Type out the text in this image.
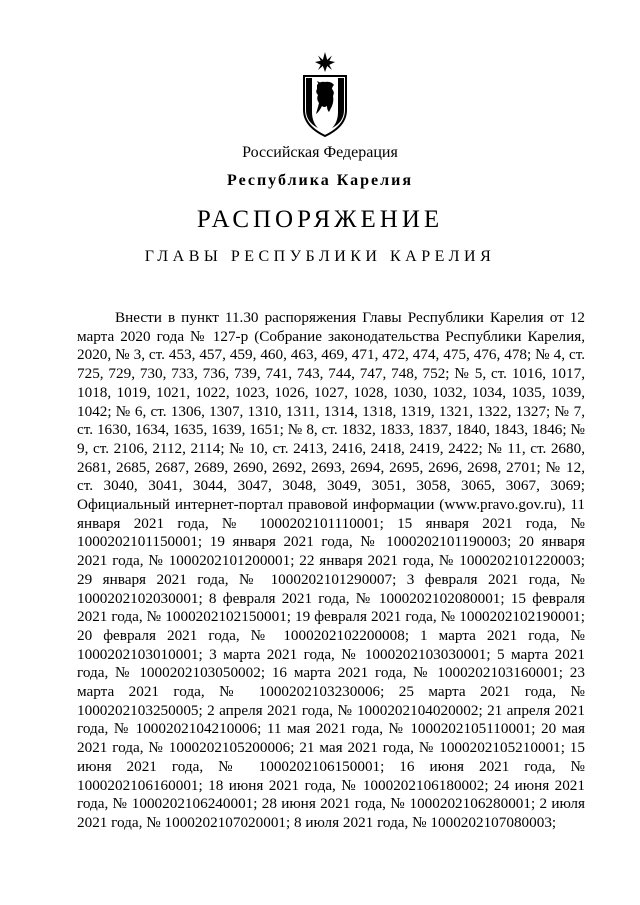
Российская Федерация
Республика Карелия
РАСПОРЯЖЕНИЕ
ГЛАВЫ РЕСПУБЛИКИ КАРЕЛИЯ

Внести в пункт 11.30 распоряжения Главы Республики Карелия от 12 марта 2020 года № 127-р (Собрание законодательства Республики Карелия, 2020, № 3, ст. 453, 457, 459, 460, 463, 469, 471, 472, 474, 475, 476, 478; № 4, ст. 725, 729, 730, 733, 736, 739, 741, 743, 744, 747, 748, 752; № 5, ст. 1016, 1017, 1018, 1019, 1021, 1022, 1023, 1026, 1027, 1028, 1030, 1032, 1034, 1035, 1039, 1042; № 6, ст. 1306, 1307, 1310, 1311, 1314, 1318, 1319, 1321, 1322, 1327; № 7, ст. 1630, 1634, 1635, 1639, 1651; № 8, ст. 1832, 1833, 1837, 1840, 1843, 1846; № 9, ст. 2106, 2112, 2114; № 10, ст. 2413, 2416, 2418, 2419, 2422; № 11, ст. 2680, 2681, 2685, 2687, 2689, 2690, 2692, 2693, 2694, 2695, 2696, 2698, 2701; № 12, ст. 3040, 3041, 3044, 3047, 3048, 3049, 3051, 3058, 3065, 3067, 3069; Официальный интернет-портал правовой информации (www.pravo.gov.ru), 11 января 2021 года, № 1000202101110001; 15 января 2021 года, № 1000202101150001; 19 января 2021 года, № 1000202101190003; 20 января 2021 года, № 1000202101200001; 22 января 2021 года, № 1000202101220003; 29 января 2021 года, № 1000202101290007; 3 февраля 2021 года, № 1000202102030001; 8 февраля 2021 года, № 1000202102080001; 15 февраля 2021 года, № 1000202102150001; 19 февраля 2021 года, № 1000202102190001; 20 февраля 2021 года, № 1000202102200008; 1 марта 2021 года, № 1000202103010001; 3 марта 2021 года, № 1000202103030001; 5 марта 2021 года, № 1000202103050002; 16 марта 2021 года, № 1000202103160001; 23 марта 2021 года, № 1000202103230006; 25 марта 2021 года, № 1000202103250005; 2 апреля 2021 года, № 1000202104020002; 21 апреля 2021 года, № 1000202104210006; 11 мая 2021 года, № 1000202105110001; 20 мая 2021 года, № 1000202105200006; 21 мая 2021 года, № 1000202105210001; 15 июня 2021 года, № 1000202106150001; 16 июня 2021 года, № 1000202106160001; 18 июня 2021 года, № 1000202106180002; 24 июня 2021 года, № 1000202106240001; 28 июня 2021 года, № 1000202106280001; 2 июля 2021 года, № 1000202107020001; 8 июля 2021 года, № 1000202107080003;
